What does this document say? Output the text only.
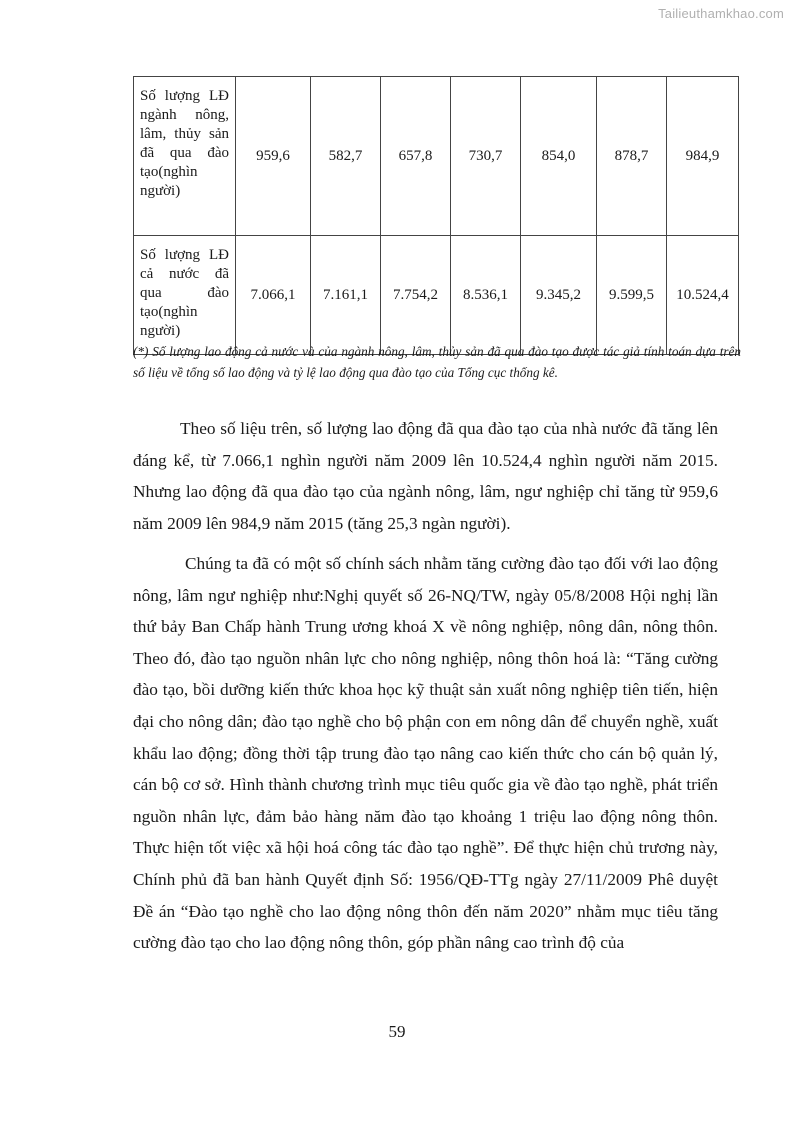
Tailieuthamkhao.com
Số lượng LĐ ngành nông, lâm, thủy sản đã qua đào tạo(nghìn người)	959,6	582,7	657,8	730,7	854,0	878,7	984,9
Số lượng LĐ cả nước đã qua đào tạo(nghìn người)	7.066,1	7.161,1	7.754,2	8.536,1	9.345,2	9.599,5	10.524,4

(*) Số lượng lao động cả nước và của ngành nông, lâm, thủy sản đã qua đào tạo được tác giả tính toán dựa trên số liệu về tổng số lao động và tỷ lệ lao động qua đào tạo của Tổng cục thống kê.

Theo số liệu trên, số lượng lao động đã qua đào tạo của nhà nước đã tăng lên đáng kể, từ 7.066,1 nghìn người năm 2009 lên 10.524,4 nghìn người năm 2015. Nhưng lao động đã qua đào tạo của ngành nông, lâm, ngư nghiệp chỉ tăng từ 959,6 năm 2009 lên 984,9 năm 2015 (tăng 25,3 ngàn người).

Chúng ta đã có một số chính sách nhằm tăng cường đào tạo đối với lao động nông, lâm ngư nghiệp như:Nghị quyết số 26-NQ/TW, ngày 05/8/2008 Hội nghị lần thứ bảy Ban Chấp hành Trung ương khoá X về nông nghiệp, nông dân, nông thôn. Theo đó, đào tạo nguồn nhân lực cho nông nghiệp, nông thôn hoá là: “Tăng cường đào tạo, bồi dưỡng kiến thức khoa học kỹ thuật sản xuất nông nghiệp tiên tiến, hiện đại cho nông dân; đào tạo nghề cho bộ phận con em nông dân để chuyển nghề, xuất khẩu lao động; đồng thời tập trung đào tạo nâng cao kiến thức cho cán bộ quản lý, cán bộ cơ sở. Hình thành chương trình mục tiêu quốc gia về đào tạo nghề, phát triển nguồn nhân lực, đảm bảo hàng năm đào tạo khoảng 1 triệu lao động nông thôn. Thực hiện tốt việc xã hội hoá công tác đào tạo nghề”. Để thực hiện chủ trương này, Chính phủ đã ban hành Quyết định Số: 1956/QĐ-TTg ngày 27/11/2009 Phê duyệt Đề án “Đào tạo nghề cho lao động nông thôn đến năm 2020” nhằm mục tiêu tăng cường đào tạo cho lao động nông thôn, góp phần nâng cao trình độ của

59
